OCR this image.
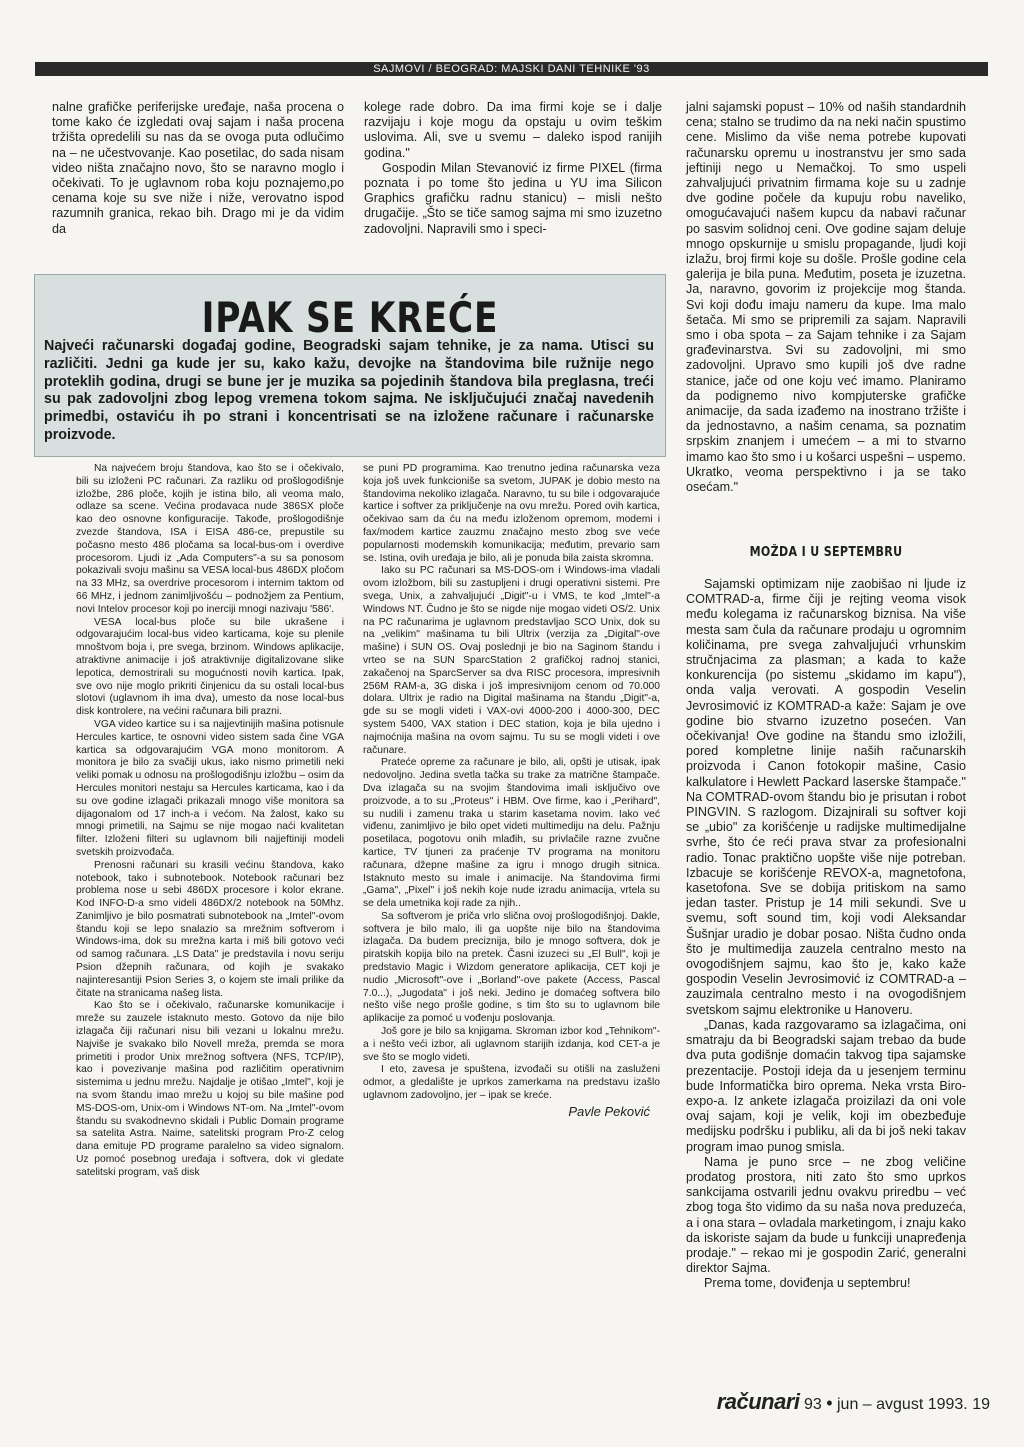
SAJMOVI / BEOGRAD: MAJSKI DANI TEHNIKE '93

nalne grafičke periferijske uređaje, naša procena o tome kako će izgledati ovaj sajam i naša procena tržišta opredelili su nas da se ovoga puta odlučimo na – ne učestvovanje. Kao posetilac, do sada nisam video ništa značajno novo, što se naravno moglo i očekivati. To je uglavnom roba koju poznajemo,po cenama koje su sve niže i niže, verovatno ispod razumnih granica, rekao bih. Drago mi je da vidim da

kolege rade dobro. Da ima firmi koje se i dalje razvijaju i koje mogu da opstaju u ovim teškim uslovima. Ali, sve u svemu – daleko ispod ranijih godina."

Gospodin Milan Stevanović iz firme PIXEL (firma poznata i po tome što jedina u YU ima Silicon Graphics grafičku radnu stanicu) – misli nešto drugačije. „Što se tiče samog sajma mi smo izuzetno zadovoljni. Napravili smo i speci-

jalni sajamski popust – 10% od naših standardnih cena; stalno se trudimo da na neki način spustimo cene. Mislimo da više nema potrebe kupovati računarsku opremu u inostranstvu jer smo sada jeftiniji nego u Nemačkoj. To smo uspeli zahvaljujući privatnim firmama koje su u zadnje dve godine počele da kupuju robu naveliko, omogućavajući našem kupcu da nabavi računar po sasvim solidnoj ceni. Ove godine sajam deluje mnogo opskurnije u smislu propagande, ljudi koji izlažu, broj firmi koje su došle. Prošle godine cela galerija je bila puna. Međutim, poseta je izuzetna. Ja, naravno, govorim iz projekcije mog štanda. Svi koji dođu imaju nameru da kupe. Ima malo šetača. Mi smo se pripremili za sajam. Napravili smo i oba spota – za Sajam tehnike i za Sajam građevinarstva. Svi su zadovoljni, mi smo zadovoljni. Upravo smo kupili još dve radne stanice, jače od one koju već imamo. Planiramo da podignemo nivo kompjuterske grafičke animacije, da sada izađemo na inostrano tržište i da jednostavno, a našim cenama, sa poznatim srpskim znanjem i umećem – a mi to stvarno imamo kao što smo i u košarci uspešni – uspemo. Ukratko, veoma perspektivno i ja se tako osećam."

IPAK SE KREĆE
Najveći računarski događaj godine, Beogradski sajam tehnike, je za nama. Utisci su različiti. Jedni ga kude jer su, kako kažu, devojke na štandovima bile ružnije nego proteklih godina, drugi se bune jer je muzika sa pojedinih štandova bila preglasna, treći su pak zadovoljni zbog lepog vremena tokom sajma. Ne isključujući značaj navedenih primedbi, ostaviću ih po strani i koncentrisati se na izložene računare i računarske proizvode.

Na najvećem broju štandova, kao što se i očekivalo, bili su izloženi PC računari. Za razliku od prošlogodišnje izložbe, 286 ploče, kojih je istina bilo, ali veoma malo, odlaze sa scene. Većina prodavaca nude 386SX ploče kao deo osnovne konfiguracije. Takođe, prošlogodišnje zvezde štandova, ISA i EISA 486-ce, prepustile su počasno mesto 486 pločama sa local-bus-om i overdive procesorom. Ljudi iz „Ada Computers"-a su sa ponosom pokazivali svoju mašinu sa VESA local-bus 486DX pločom na 33 MHz, sa overdrive procesorom i internim taktom od 66 MHz, i jednom zanimljivošću – podnožjem za Pentium, novi Intelov procesor koji po inerciji mnogi nazivaju '586'.

VESA local-bus ploče su bile ukrašene i odgovarajućim local-bus video karticama, koje su plenile mnoštvom boja i, pre svega, brzinom. Windows aplikacije, atraktivne animacije i još atraktivnije digitalizovane slike lepotica, demostrirali su mogućnosti novih kartica. Ipak, sve ovo nije moglo prikriti činjenicu da su ostali local-bus slotovi (uglavnom ih ima dva), umesto da nose local-bus disk kontrolere, na većini računara bili prazni.

VGA video kartice su i sa najjevtinijih mašina potisnule Hercules kartice, te osnovni video sistem sada čine VGA kartica sa odgovarajućim VGA mono monitorom. A monitora je bilo za svačiji ukus, iako nismo primetili neki veliki pomak u odnosu na prošlogodišnju izložbu – osim da Hercules monitori nestaju sa Hercules karticama, kao i da su ove godine izlagači prikazali mnogo više monitora sa dijagonalom od 17 inch-a i većom. Na žalost, kako su mnogi primetili, na Sajmu se nije mogao naći kvalitetan filter. Izloženi filteri su uglavnom bili najjeftiniji modeli svetskih proizvođača.

Prenosni računari su krasili većinu štandova, kako notebook, tako i subnotebook. Notebook računari bez problema nose u sebi 486DX procesore i kolor ekrane. Kod INFO-D-a smo videli 486DX/2 notebook na 50Mhz. Zanimljivo je bilo posmatrati subnotebook na „Imtel"-ovom štandu koji se lepo snalazio sa mrežnim softverom i Windows-ima, dok su mrežna karta i miš bili gotovo veći od samog računara. „LS Data" je predstavila i novu seriju Psion džepnih računara, od kojih je svakako najinteresantiji Psion Series 3, o kojem ste imali prilike da čitate na stranicama našeg lista.

Kao što se i očekivalo, računarske komunikacije i mreže su zauzele istaknuto mesto. Gotovo da nije bilo izlagača čiji računari nisu bili vezani u lokalnu mrežu. Najviše je svakako bilo Novell mreža, premda se mora primetiti i prodor Unix mrežnog softvera (NFS, TCP/IP), kao i povezivanje mašina pod različitim operativnim sistemima u jednu mrežu. Najdalje je otišao „Imtel", koji je na svom štandu imao mrežu u kojoj su bile mašine pod MS-DOS-om, Unix-om i Windows NT-om. Na „Imtel"-ovom štandu su svakodnevno skidali i Public Domain programe sa satelita Astra. Naime, satelitski program Pro-Z celog dana emituje PD programe paralelno sa video signalom. Uz pomoć posebnog uređaja i softvera, dok vi gledate satelitski program, vaš disk

se puni PD programima. Kao trenutno jedina računarska veza koja još uvek funkcioniše sa svetom, JUPAK je dobio mesto na štandovima nekoliko izlagača. Naravno, tu su bile i odgovarajuće kartice i softver za priključenje na ovu mrežu. Pored ovih kartica, očekivao sam da ću na među izloženom opremom, modemi i fax/modem kartice zauzmu značajno mesto zbog sve veće popularnosti modemskih komunikacija; međutim, prevario sam se. Istina, ovih uređaja je bilo, ali je ponuda bila zaista skromna.

Iako su PC računari sa MS-DOS-om i Windows-ima vladali ovom izložbom, bili su zastupljeni i drugi operativni sistemi. Pre svega, Unix, a zahvaljujući „Digit"-u i VMS, te kod „Imtel"-a Windows NT. Čudno je što se nigde nije mogao videti OS/2. Unix na PC računarima je uglavnom predstavljao SCO Unix, dok su na „velikim" mašinama tu bili Ultrix (verzija za „Digital"-ove mašine) i SUN OS. Ovaj poslednji je bio na Saginom štandu i vrteo se na SUN SparcStation 2 grafičkoj radnoj stanici, zakačenoj na SparcServer sa dva RISC procesora, impresivnih 256M RAM-a, 3G diska i još impresivnijom cenom od 70.000 dolara. Ultrix je radio na Digital mašinama na štandu „Digit"-a, gde su se mogli videti i VAX-ovi 4000-200 i 4000-300, DEC system 5400, VAX station i DEC station, koja je bila ujedno i najmoćnija mašina na ovom sajmu. Tu su se mogli videti i ove računare.

Prateće opreme za računare je bilo, ali, opšti je utisak, ipak nedovoljno. Jedina svetla tačka su trake za matrične štampače. Dva izlagača su na svojim štandovima imali isključivo ove proizvode, a to su „Proteus" i HBM. Ove firme, kao i „Perihard", su nudili i zamenu traka u starim kasetama novim. Iako već viđenu, zanimljivo je bilo opet videti multimediju na delu. Pažnju posetilaca, pogotovu onih mlađih, su privlačile razne zvučne kartice, TV tjuneri za praćenje TV programa na monitoru računara, džepne mašine za igru i mnogo drugih sitnica. Istaknuto mesto su imale i animacije. Na štandovima firmi „Gama", „Pixel" i još nekih koje nude izradu animacija, vrtela su se dela umetnika koji rade za njih..

Sa softverom je priča vrlo slična ovoj prošlogodišnjoj. Dakle, softvera je bilo malo, ili ga uopšte nije bilo na štandovima izlagača. Da budem preciznija, bilo je mnogo softvera, dok je piratskih kopija bilo na pretek. Časni izuzeci su „El Bull", koji je predstavio Magic i Wizdom generatore aplikacija, CET koji je nudio „Microsoft"-ove i „Borland"-ove pakete (Access, Pascal 7.0...), „Jugodata" i još neki. Jedino je domaćeg softvera bilo nešto više nego prošle godine, s tim što su to uglavnom bile aplikacije za pomoć u vođenju poslovanja.

Još gore je bilo sa knjigama. Skroman izbor kod „Tehnikom"-a i nešto veći izbor, ali uglavnom starijih izdanja, kod CET-a je sve što se moglo videti.

I eto, zavesa je spuštena, izvođači su otišli na zasluženi odmor, a gledalište je uprkos zamerkama na predstavu izašlo uglavnom zadovoljno, jer – ipak se kreće.

Pavle Peković
MOŽDA I U SEPTEMBRU

Sajamski optimizam nije zaobišao ni ljude iz COMTRAD-a, firme čiji je rejting veoma visok među kolegama iz računarskog biznisa. Na više mesta sam čula da računare prodaju u ogromnim količinama, pre svega zahvaljujući vrhunskim stručnjacima za plasman; a kada to kaže konkurencija (po sistemu „skidamo im kapu"), onda valja verovati. A gospodin Veselin Jevrosimović iz KOMTRAD-a kaže: Sajam je ove godine bio stvarno izuzetno posećen. Van očekivanja! Ove godine na štandu smo izložili, pored kompletne linije naših računarskih proizvoda i Canon fotokopir mašine, Casio kalkulatore i Hewlett Packard laserske štampače." Na COMTRAD-ovom štandu bio je prisutan i robot PINGVIN. S razlogom. Dizajnirali su softver koji se „ubio" za korišćenje u radijske multimedijalne svrhe, što će reći prava stvar za profesionalni radio. Tonac praktično uopšte više nije potreban. Izbacuje se korišćenje REVOX-a, magnetofona, kasetofona. Sve se dobija pritiskom na samo jedan taster. Pristup je 14 mili sekundi. Sve u svemu, soft sound tim, koji vodi Aleksandar Šušnjar uradio je dobar posao. Ništa čudno onda što je multimedija zauzela centralno mesto na ovogodišnjem sajmu, kao što je, kako kaže gospodin Veselin Jevrosimović iz COMTRAD-a – zauzimala centralno mesto i na ovogodišnjem svetskom sajmu elektronike u Hanoveru.

„Danas, kada razgovaramo sa izlagačima, oni smatraju da bi Beogradski sajam trebao da bude dva puta godišnje domaćin takvog tipa sajamske prezentacije. Postoji ideja da u jesenjem terminu bude Informatička biro oprema. Neka vrsta Biro-expo-a. Iz ankete izlagača proizilazi da oni vole ovaj sajam, koji je velik, koji im obezbeđuje medijsku podršku i publiku, ali da bi još neki takav program imao punog smisla.

Nama je puno srce – ne zbog veličine prodatog prostora, niti zato što smo uprkos sankcijama ostvarili jednu ovakvu priredbu – već zbog toga što vidimo da su naša nova preduzeća, a i ona stara – ovladala marketingom, i znaju kako da iskoriste sajam da bude u funkciji unapređenja prodaje." – rekao mi je gospodin Zarić, generalni direktor Sajma.

Prema tome, doviđenja u septembru!

računari 93 • jun – avgust 1993. 19
